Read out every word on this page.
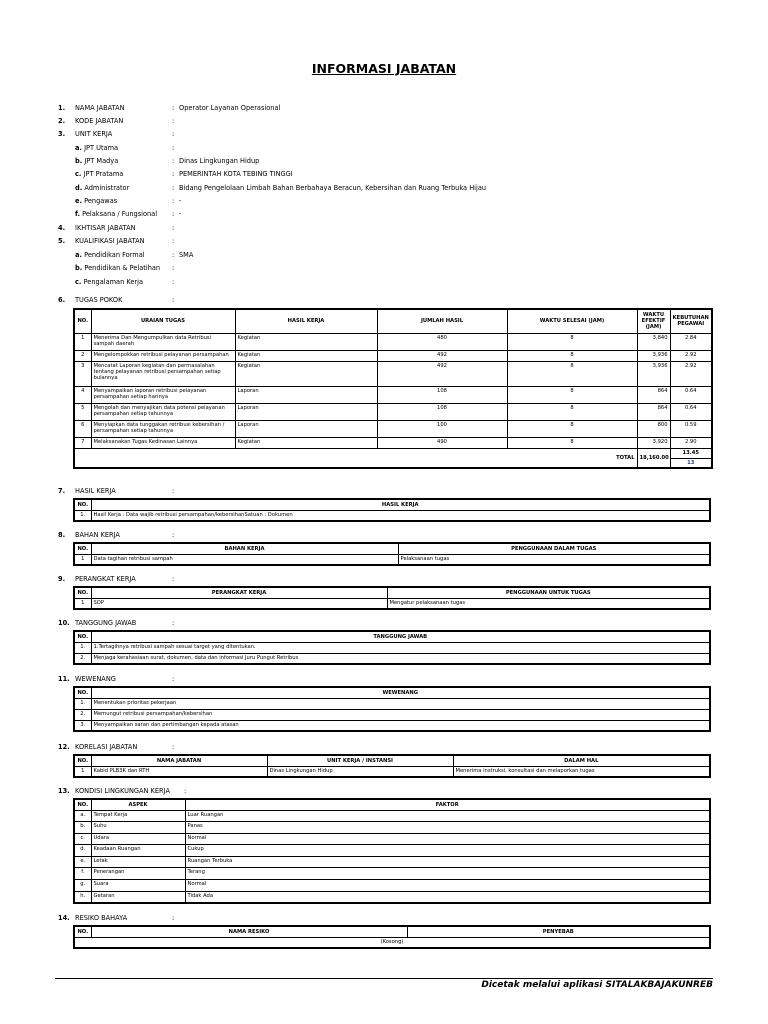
INFORMASI JABATAN
1. NAMA JABATAN	: Operator Layanan Operasional
2. KODE JABATAN	:
3. UNIT KERJA	:
a. JPT Utama	:
b. JPT Madya	: Dinas Lingkungan Hidup
c. JPT Pratama	: PEMERINTAH KOTA TEBING TINGGI
d. Administrator	: Bidang Pengelolaan Limbah Bahan Berbahaya Beracun, Kebersihan dan Ruang Terbuka Hijau
e. Pengawas	: -
f. Pelaksana / Fungsional : -
4. IKHTISAR JABATAN	:
5. KUALIFIKASI JABATAN	:
a. Pendidikan Formal	: SMA
b. Pendidikan & Pelatihan :
c. Pengalaman Kerja	:
6. TUGAS POKOK	:
NO.	URAIAN TUGAS	HASIL KERJA	JUMLAH HASIL	WAKTU SELESAI (JAM)	WAKTU EFEKTIF (JAM)	KEBUTUHAN PEGAWAI
1	Menerima Dan Mengumpulkan data Retribusi sampah daerah	Kegiatan	480	8	3,840	2.84
2	Mengelompokkan retribusi pelayanan persampahan	Kegiatan	492	8	3,936	2.92
3	Mencatat Laporan kegiatan dan permasalahan tentang pelayanan retribusi persampahan setiap bulannya	Kegiatan	492	8	3,936	2.92
4	Menyampaikan laporan retribusi pelayanan persampahan setiap harinya	Laporan	108	8	864	0.64
5	Mengolah dan menyajikan data potensi pelayanan persampahan setiap tahunnya	Laporan	108	8	864	0.64
6	Menyiapkan data tunggakan retribusi kebersihan / persampahan setiap tahunnya	Laporan	100	8	800	0.59
7	Melaksanakan Tugas Kedinasan Lainnya	Kegiatan	490	8	3,920	2.90
TOTAL					18,160.00	13.45
						13
7. HASIL KERJA	:
NO.	HASIL KERJA
1.	Hasil Kerja : Data wajib retribusi persampahan/kebersihanSatuan : Dokumen
8. BAHAN KERJA	:
NO.	BAHAN KERJA	PENGGUNAAN DALAM TUGAS
1	Data tagihan retribusi sampah	Pelaksanaan tugas
9. PERANGKAT KERJA	:
NO.	PERANGKAT KERJA	PENGGUNAAN UNTUK TUGAS
1	SOP	Mengatur pelaksanaan tugas
10. TANGGUNG JAWAB	:
NO.	TANGGUNG JAWAB
1.	1.Tertagihnya retribusi sampah sesuai target yang ditentukan.
2.	Menjaga kerahasiaan surat, dokumen, data dan informasi Juru Pungut Retribus
11. WEWENANG	:
NO.	WEWENANG
1.	Menentukan prioritas pekerjaan
2.	Memungut retribusi persampahan/kebersihan
3.	Menyampaikan saran dan pertimbangan kepada atasan
12. KORELASI JABATAN	:
NO.	NAMA JABATAN	UNIT KERJA / INSTANSI	DALAM HAL
1	Kabid PLB3K dan RTH	Dinas Lingkungan Hidup	Menerima instruksi, konsultasi dan melaporkan tugas
13. KONDISI LINGKUNGAN KERJA :
NO.	ASPEK	FAKTOR
a.	Tempat Kerja	Luar Ruangan
b.	Suhu	Panas
c.	Udara	Normal
d.	Keadaan Ruangan	Cukup
e.	Letak	Ruangan Terbuka
f.	Penerangan	Terang
g.	Suara	Normal
h.	Getaran	Tidak Ada
14. RESIKO BAHAYA	:
NO.	NAMA RESIKO	PENYEBAB
(Kosong)
Dicetak melalui aplikasi SITALAKBAJAKUNREB
